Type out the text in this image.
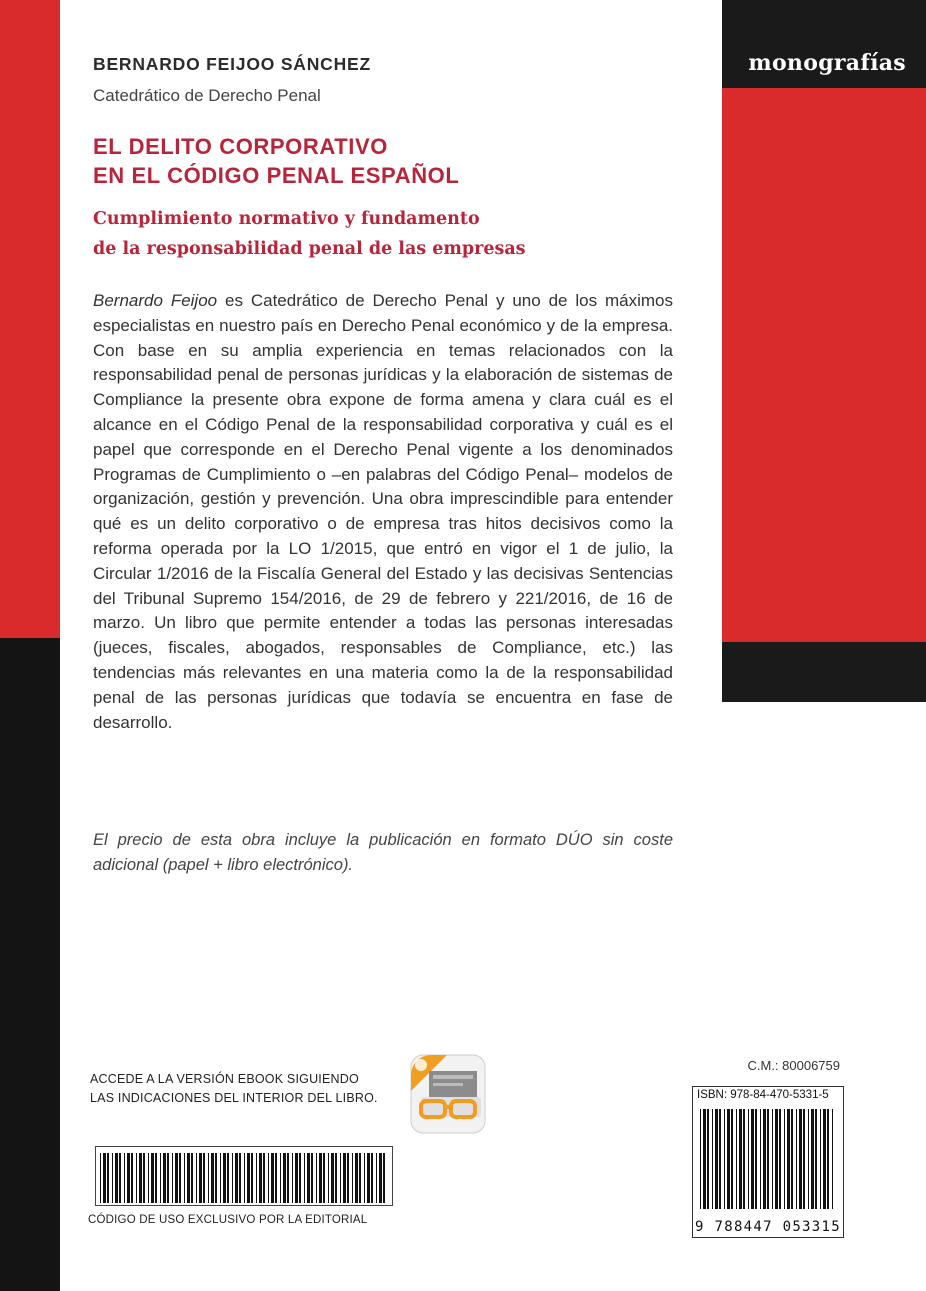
monografías
BERNARDO FEIJOO SÁNCHEZ
Catedrático de Derecho Penal
EL DELITO CORPORATIVO
EN EL CÓDIGO PENAL ESPAÑOL
Cumplimiento normativo y fundamento
de la responsabilidad penal de las empresas
Bernardo Feijoo es Catedrático de Derecho Penal y uno de los máximos especialistas en nuestro país en Derecho Penal económico y de la empresa. Con base en su amplia experiencia en temas relacionados con la responsabilidad penal de personas jurídicas y la elaboración de sistemas de Compliance la presente obra expone de forma amena y clara cuál es el alcance en el Código Penal de la responsabilidad corporativa y cuál es el papel que corresponde en el Derecho Penal vigente a los denominados Programas de Cumplimiento o –en palabras del Código Penal– modelos de organización, gestión y prevención. Una obra imprescindible para entender qué es un delito corporativo o de empresa tras hitos decisivos como la reforma operada por la LO 1/2015, que entró en vigor el 1 de julio, la Circular 1/2016 de la Fiscalía General del Estado y las decisivas Sentencias del Tribunal Supremo 154/2016, de 29 de febrero y 221/2016, de 16 de marzo. Un libro que permite entender a todas las personas interesadas (jueces, fiscales, abogados, responsables de Compliance, etc.) las tendencias más relevantes en una materia como la de la responsabilidad penal de las personas jurídicas que todavía se encuentra en fase de desarrollo.
El precio de esta obra incluye la publicación en formato DÚO sin coste adicional (papel + libro electrónico).
ACCEDE A LA VERSIÓN EBOOK SIGUIENDO
LAS INDICACIONES DEL INTERIOR DEL LIBRO.
CÓDIGO DE USO EXCLUSIVO POR LA EDITORIAL
C.M.: 80006759
ISBN: 978-84-470-5331-5
9 788447 053315
